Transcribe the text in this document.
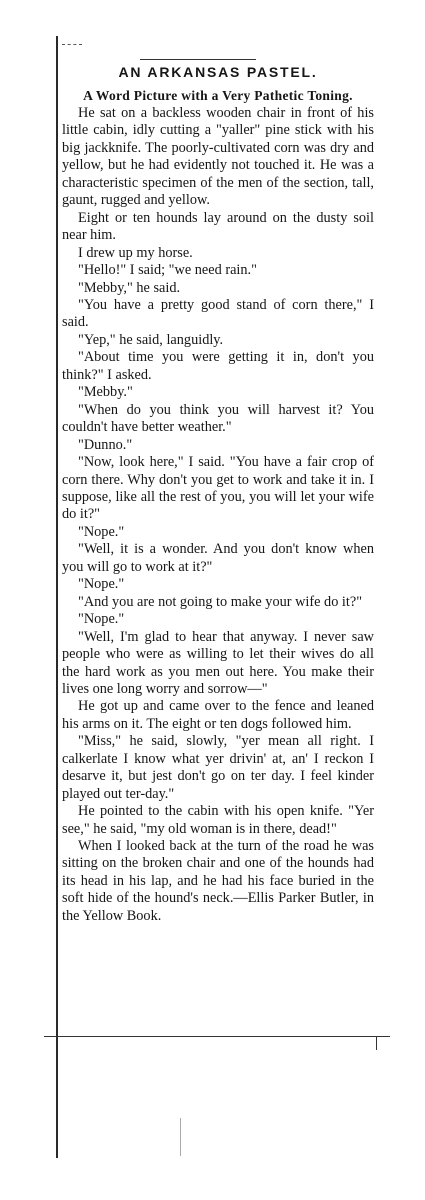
AN ARKANSAS PASTEL.
A Word Picture with a Very Pathetic Toning.

He sat on a backless wooden chair in front of his little cabin, idly cutting a "yaller" pine stick with his big jackknife. The poorly-cultivated corn was dry and yellow, but he had evidently not touched it. He was a characteristic specimen of the men of the section, tall, gaunt, rugged and yellow.

Eight or ten hounds lay around on the dusty soil near him.

I drew up my horse.

"Hello!" I said; "we need rain."

"Mebby," he said.

"You have a pretty good stand of corn there," I said.

"Yep," he said, languidly.

"About time you were getting it in, don't you think?" I asked.

"Mebby."

"When do you think you will harvest it? You couldn't have better weather."

"Dunno."

"Now, look here," I said. "You have a fair crop of corn there. Why don't you get to work and take it in. I suppose, like all the rest of you, you will let your wife do it?"

"Nope."

"Well, it is a wonder. And you don't know when you will go to work at it?"

"Nope."

"And you are not going to make your wife do it?"

"Nope."

"Well, I'm glad to hear that anyway. I never saw people who were as willing to let their wives do all the hard work as you men out here. You make their lives one long worry and sorrow—"

He got up and came over to the fence and leaned his arms on it. The eight or ten dogs followed him.

"Miss," he said, slowly, "yer mean all right. I calkerlate I know what yer drivin' at, an' I reckon I desarve it, but jest don't go on ter day. I feel kinder played out ter-day."

He pointed to the cabin with his open knife. "Yer see," he said, "my old woman is in there, dead!"

When I looked back at the turn of the road he was sitting on the broken chair and one of the hounds had its head in his lap, and he had his face buried in the soft hide of the hound's neck.—Ellis Parker Butler, in the Yellow Book.
